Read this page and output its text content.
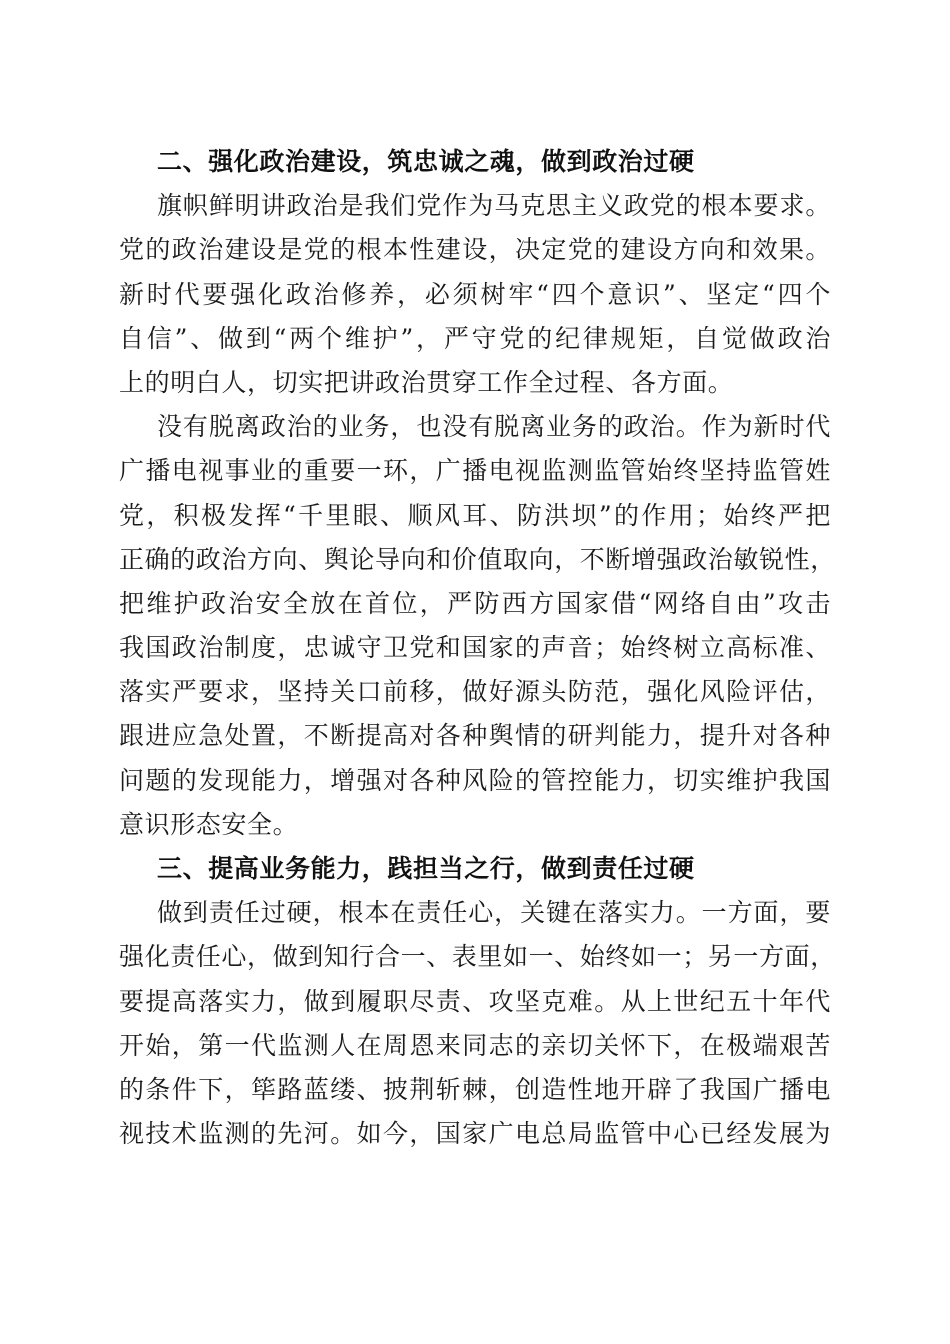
二、强化政治建设，筑忠诚之魂，做到政治过硬
旗帜鲜明讲政治是我们党作为马克思主义政党的根本要求。
党的政治建设是党的根本性建设，决定党的建设方向和效果。
新时代要强化政治修养，必须树牢“四个意识”、坚定“四个
自信”、做到“两个维护”，严守党的纪律规矩，自觉做政治
上的明白人，切实把讲政治贯穿工作全过程、各方面。
没有脱离政治的业务，也没有脱离业务的政治。作为新时代
广播电视事业的重要一环，广播电视监测监管始终坚持监管姓
党，积极发挥“千里眼、顺风耳、防洪坝”的作用；始终严把
正确的政治方向、舆论导向和价值取向，不断增强政治敏锐性，
把维护政治安全放在首位，严防西方国家借“网络自由”攻击
我国政治制度，忠诚守卫党和国家的声音；始终树立高标准、
落实严要求，坚持关口前移，做好源头防范，强化风险评估，
跟进应急处置，不断提高对各种舆情的研判能力，提升对各种
问题的发现能力，增强对各种风险的管控能力，切实维护我国
意识形态安全。
三、提高业务能力，践担当之行，做到责任过硬
做到责任过硬，根本在责任心，关键在落实力。一方面，要
强化责任心，做到知行合一、表里如一、始终如一；另一方面，
要提高落实力，做到履职尽责、攻坚克难。从上世纪五十年代
开始，第一代监测人在周恩来同志的亲切关怀下，在极端艰苦
的条件下，筚路蓝缕、披荆斩棘，创造性地开辟了我国广播电
视技术监测的先河。如今，国家广电总局监管中心已经发展为
